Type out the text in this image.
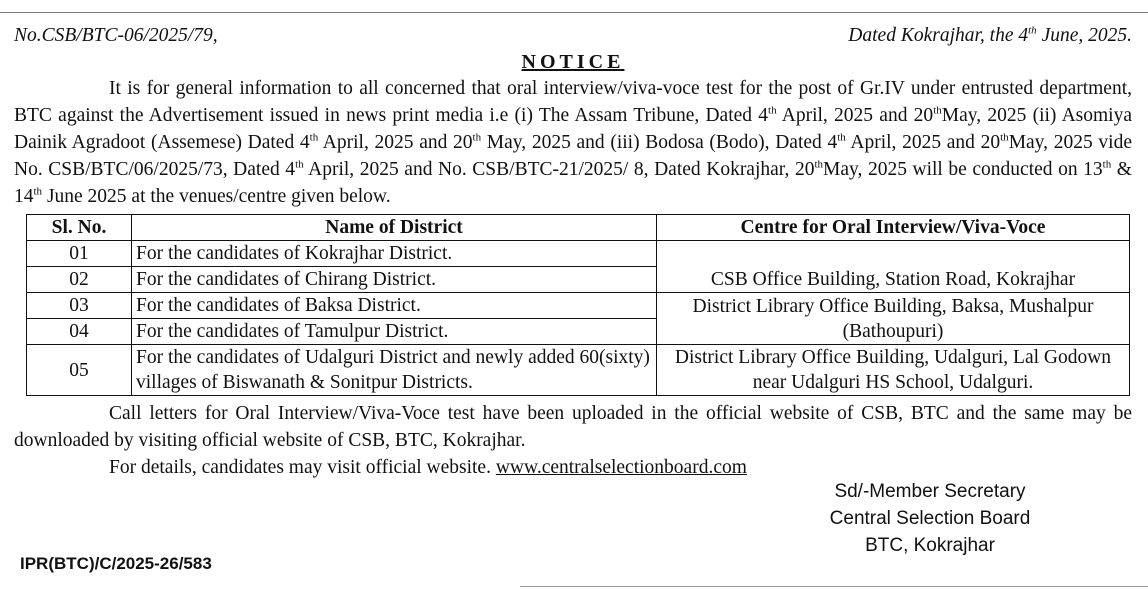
No.CSB/BTC-06/2025/79,	Dated Kokrajhar, the 4th June, 2025.
NOTICE

It is for general information to all concerned that oral interview/viva-voce test for the post of Gr.IV under entrusted department, BTC against the Advertisement issued in news print media i.e (i) The Assam Tribune, Dated 4th April, 2025 and 20thMay, 2025 (ii) Asomiya Dainik Agradoot (Assemese) Dated 4th April, 2025 and 20th May, 2025 and (iii) Bodosa (Bodo), Dated 4th April, 2025 and 20thMay, 2025 vide No. CSB/BTC/06/2025/73, Dated 4th April, 2025 and No. CSB/BTC-21/2025/ 8, Dated Kokrajhar, 20thMay, 2025 will be conducted on 13th & 14th June 2025 at the venues/centre given below.

Sl. No.	Name of District	Centre for Oral Interview/Viva-Voce
01	For the candidates of Kokrajhar District.	CSB Office Building, Station Road, Kokrajhar
02	For the candidates of Chirang District.	
03	For the candidates of Baksa District.	District Library Office Building, Baksa, Mushalpur (Bathoupuri)
04	For the candidates of Tamulpur District.	
05	For the candidates of Udalguri District and newly added 60(sixty) villages of Biswanath & Sonitpur Districts.	District Library Office Building, Udalguri, Lal Godown near Udalguri HS School, Udalguri.

Call letters for Oral Interview/Viva-Voce test have been uploaded in the official website of CSB, BTC and the same may be downloaded by visiting official website of CSB, BTC, Kokrajhar.

For details, candidates may visit official website. www.centralselectionboard.com

Sd/-Member Secretary
Central Selection Board
BTC, Kokrajhar
IPR(BTC)/C/2025-26/583
